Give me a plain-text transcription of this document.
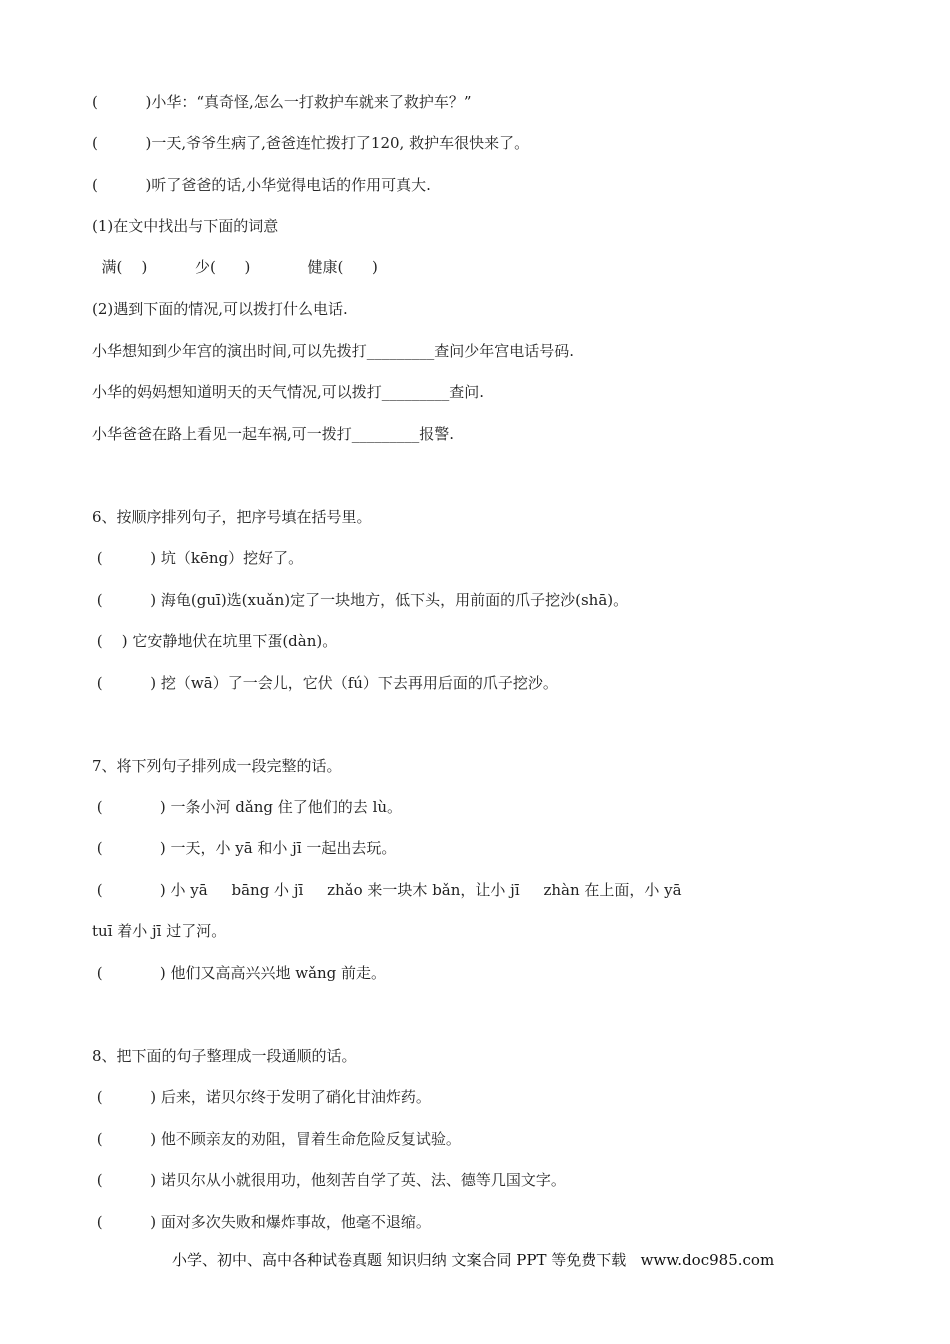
(          )小华：“真奇怪,怎么一打救护车就来了救护车？”
(          )一天,爷爷生病了,爸爸连忙拨打了120, 救护车很快来了。
(          )听了爸爸的话,小华觉得电话的作用可真大.
(1)在文中找出与下面的词意
满(    )          少(      )            健康(      )
(2)遇到下面的情况,可以拨打什么电话.
小华想知到少年宫的演出时间,可以先拨打_________查问少年宫电话号码.
小华的妈妈想知道明天的天气情况,可以拨打_________查问.
小华爸爸在路上看见一起车祸,可一拨打_________报警.
6、按顺序排列句子，把序号填在括号里。
(          ) 坑（kēng）挖好了。
(          ) 海龟(guī)选(xuǎn)定了一块地方，低下头，用前面的爪子挖沙(shā)。
(    ) 它安静地伏在坑里下蛋(dàn)。
(          ) 挖（wā）了一会儿，它伏（fú）下去再用后面的爪子挖沙。
7、将下列句子排列成一段完整的话。
(            ) 一条小河 dǎng 住了他们的去 lù。
(            ) 一天，小 yā 和小 jī 一起出去玩。
(            ) 小 yā     bāng 小 jī     zhǎo 来一块木 bǎn，让小 jī     zhàn 在上面，小 yā
tuī 着小 jī 过了河。
(            ) 他们又高高兴兴地 wǎng 前走。
8、把下面的句子整理成一段通顺的话。
(          ) 后来，诺贝尔终于发明了硝化甘油炸药。
(          ) 他不顾亲友的劝阻，冒着生命危险反复试验。
(          ) 诺贝尔从小就很用功，他刻苦自学了英、法、德等几国文字。
(          ) 面对多次失败和爆炸事故，他毫不退缩。
小学、初中、高中各种试卷真题 知识归纳 文案合同 PPT 等免费下载   www.doc985.com
